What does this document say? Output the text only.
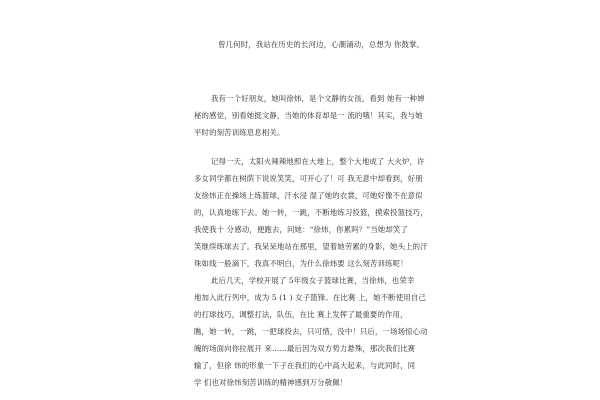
曾几何时，我站在历史的长河边，心潮涌动，总想为 你鼓掌。
我有一个好朋友，她叫徐炜，是个文静的女孩，看到 她有一种婵
秘的感觉，别看她挺文静，当她的体育却是一 流的哦！其实，我与她
平时的刻苦训练息息相关。
记得一天，太阳火辣辣地照在大地上，整个大地成了 大火炉，许
多女同学都在树荫下说说笑笑，可开心了！可 我无意中却看到，好朋
友徐炜正在操场上练篮球，汗水浸 湿了她的衣裳，可她好像不在意似
的，认真地练下去。她一转，一跳，不断地练习投篮，摸索投篮技巧，
我使我十 分感动，便跑去，问她：“徐炜，你累吗？”当她却笑了
笑继续练球去了。我呆呆地站在那里，望着她劳累的身影，她头上的汗
珠如线一般滴下，我真不明白，为什么徐炜要 这么刻苦训练呢！
此后几天，学校开展了 5年级女子篮球比赛，当徐炜，也荣幸
地加入此行列中，成为 5 (1 ) 女子篮锋。在比赛 上，她不断使用自己
的打球技巧，调整打法，队伍，在比 赛上发挥了最重要的作用，
瞧，她一转，一跳，一把球投去，只可惜，没中！只后，一场场惊心动
魄的场面向你拉展开 来……最后因为双方势力悬殊，那次我们比赛
输了，但徐 炜的形象一下子在我们的心中高大起来，与此同时，同
学 们也对徐炜刻苦训练的精神感到万分敬佩！
